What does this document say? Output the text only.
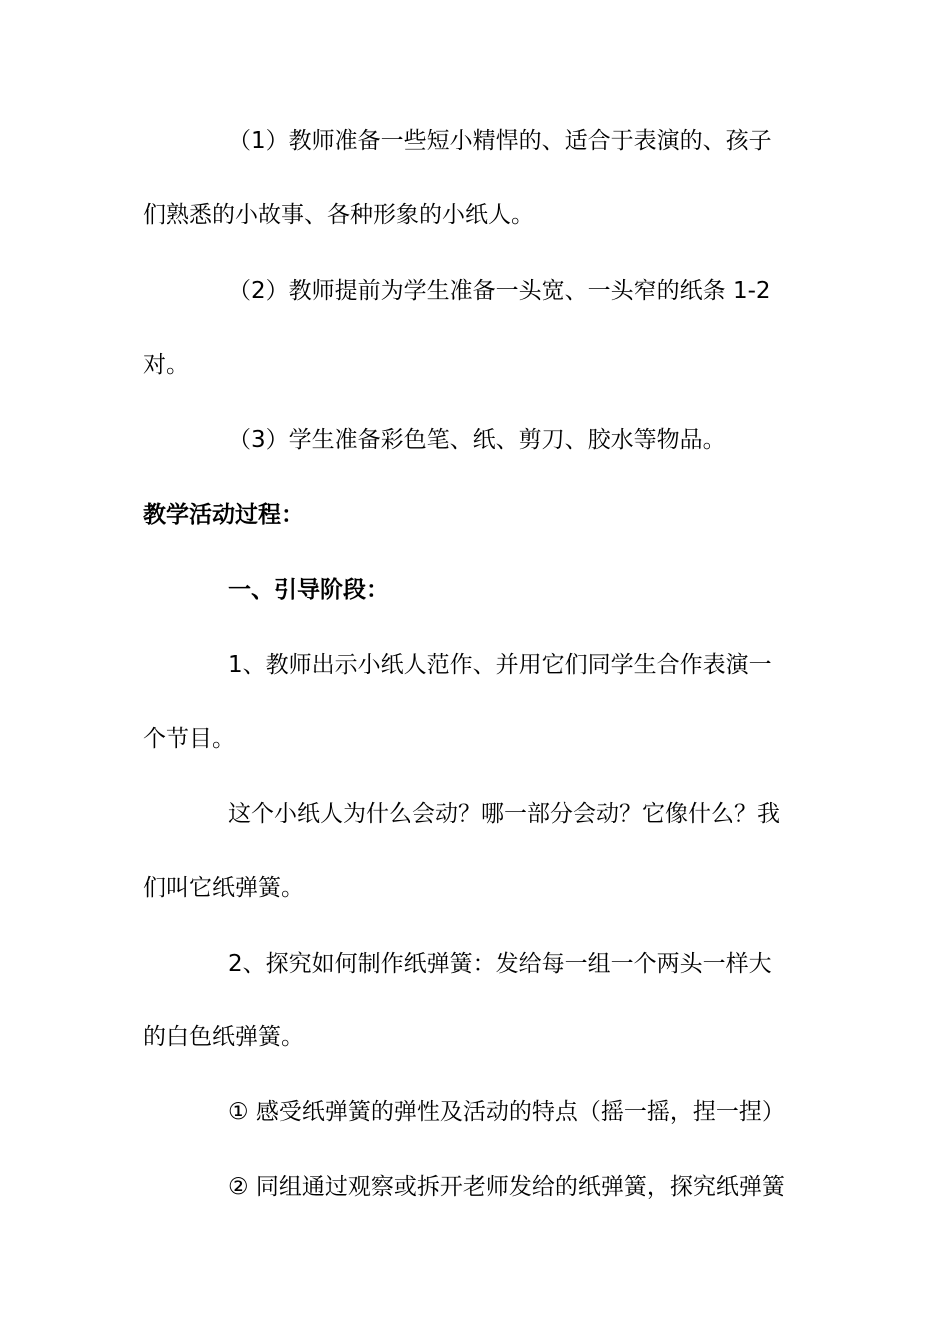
（1）教师准备一些短小精悍的、适合于表演的、孩子
们熟悉的小故事、各种形象的小纸人。
（2）教师提前为学生准备一头宽、一头窄的纸条 1-2
对。
（3）学生准备彩色笔、纸、剪刀、胶水等物品。
教学活动过程：
一、引导阶段：
1、教师出示小纸人范作、并用它们同学生合作表演一
个节目。
这个小纸人为什么会动？哪一部分会动？它像什么？我
们叫它纸弹簧。
2、探究如何制作纸弹簧：发给每一组一个两头一样大
的白色纸弹簧。
① 感受纸弹簧的弹性及活动的特点（摇一摇，捏一捏）
② 同组通过观察或拆开老师发给的纸弹簧，探究纸弹簧
